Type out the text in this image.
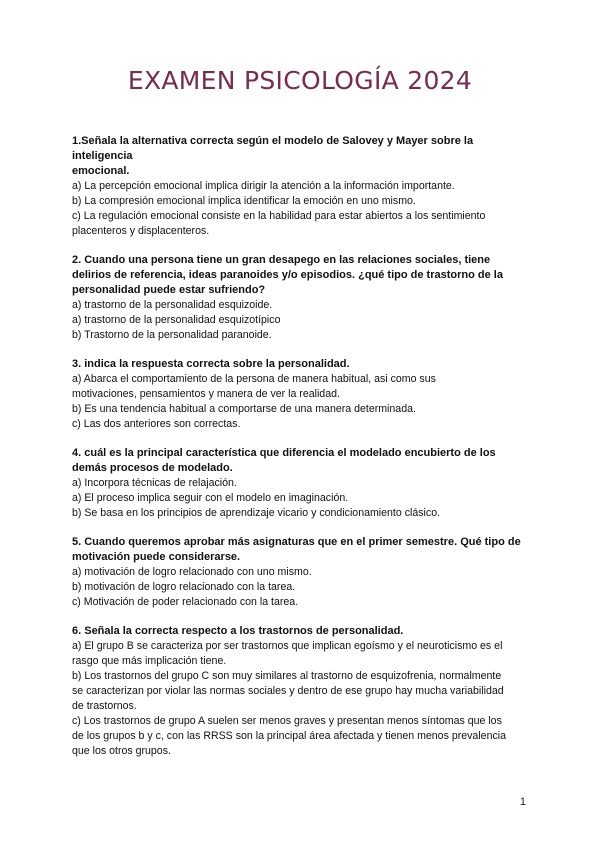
EXAMEN PSICOLOGÍA 2024

1.Señala la alternativa correcta según el modelo de Salovey y Mayer sobre la
inteligencia
emocional.

a) La percepción emocional implica dirigir la atención a la información importante.
b) La compresión emocional implica identificar la emoción en uno mismo.
c) La regulación emocional consiste en la habilidad para estar abiertos a los sentimiento
placenteros y displacenteros.

2. Cuando una persona tiene un gran desapego en las relaciones sociales, tiene
delirios de referencia, ideas paranoides y/o episodios. ¿qué tipo de trastorno de la
personalidad puede estar sufriendo?

a) trastorno de la personalidad esquizoide.
a) trastorno de la personalidad esquizotípico
b) Trastorno de la personalidad paranoide.

3. indica la respuesta correcta sobre la personalidad.

a) Abarca el comportamiento de la persona de manera habitual, asi como sus
motivaciones, pensamientos y manera de ver la realidad.
b) Es una tendencia habitual a comportarse de una manera determinada.
c) Las dos anteriores son correctas.

4. cuál es la principal característica que diferencia el modelado encubierto de los
demás procesos de modelado.

a) Incorpora técnicas de relajación.
a) El proceso implica seguir con el modelo en imaginación.
b) Se basa en los principios de aprendizaje vicario y condicionamiento clásico.

5. Cuando queremos aprobar más asignaturas que en el primer semestre. Qué tipo de
motivación puede considerarse.

a) motivación de logro relacionado con uno mismo.
b) motivación de logro relacionado con la tarea.
c) Motivación de poder relacionado con la tarea.

6. Señala la correcta respecto a los trastornos de personalidad.

a) El grupo B se caracteriza por ser trastornos que implican egoísmo y el neuroticismo es el
rasgo que más implicación tiene.
b) Los trastornos del grupo C son muy similares al trastorno de esquizofrenia, normalmente
se caracterizan por violar las normas sociales y dentro de ese grupo hay mucha variabilidad
de trastornos.
c) Los trastornos de grupo A suelen ser menos graves y presentan menos síntomas que los
de los grupos b y c, con las RRSS son la principal área afectada y tienen menos prevalencia
que los otros grupos.

1
